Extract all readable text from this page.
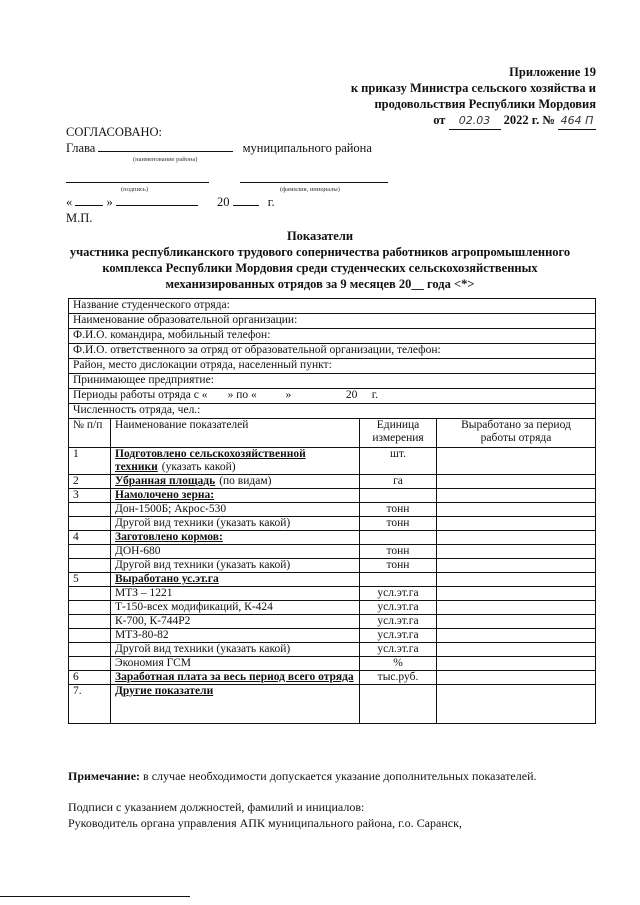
Приложение 19
к приказу Министра сельского хозяйства и
продовольствия Республики Мордовия
от 02.03 2022 г. № 464 П
СОГЛАСОВАНО:
Глава	муниципального района
(наименование района)
(подпись)	(фамилия, инициалы)
«	»	20	г.
М.П.
Показатели
участника республиканского трудового соперничества работников агропромышленного
комплекса Республики Мордовия среди студенческих сельскохозяйственных
механизированных отрядов за 9 месяцев 20__ года <*>
Название студенческого отряда:			
Наименование образовательной организации:			
Ф.И.О. командира, мобильный телефон:			
Ф.И.О. ответственного за отряд от образовательной организации, телефон:			
Район, место дислокации отряда, населенный пункт:			
Принимающее предприятие:			
Периоды работы отряда с «       » по «          »                   20     г.			
Численность отряда, чел.:			
№ п/п	Наименование показателей	Единица измерения	Выработано за период работы отряда
1	Подготовлено сельскохозяйственной техники (указать какой)	шт.	
2	Убранная площадь (по видам)	га	
3	Намолочено зерна:		
	Дон-1500Б; Акрос-530	тонн	
	Другой вид техники (указать какой)	тонн	
4	Заготовлено кормов:		
	ДОН-680	тонн	
	Другой вид техники (указать какой)	тонн	
5	Выработано ус.эт.га		
	МТЗ – 1221	усл.эт.га	
	Т-150-всех модификаций, К-424	усл.эт.га	
	К-700, К-744Р2	усл.эт.га	
	МТЗ-80-82	усл.эт.га	
	Другой вид техники (указать какой)	усл.эт.га	
	Экономия ГСМ	%	
6	Заработная плата за весь период всего отряда	тыс.руб.	
7.	Другие показатели		
Примечание: в случае необходимости допускается указание дополнительных показателей.
Подписи с указанием должностей, фамилий и инициалов:
Руководитель органа управления АПК муниципального района, г.о. Саранск,
